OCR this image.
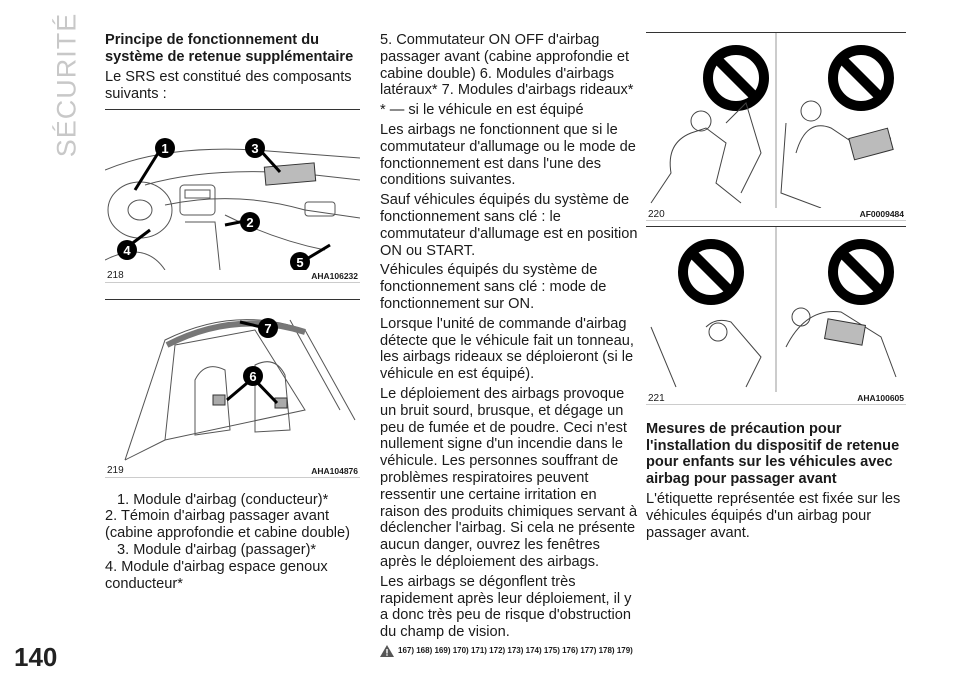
SÉCURITÉ
140
Principe de fonctionnement du système de retenue supplémentaire

Le SRS est constitué des composants suivants :

1
2
3
4
5
218	AHA106232
6
7
219	AHA104876

1. Module d'airbag (conducteur)*

2. Témoin d'airbag passager avant (cabine approfondie et cabine double)

3. Module d'airbag (passager)*

4. Module d'airbag espace genoux conducteur*

5. Commutateur ON OFF d'airbag passager avant (cabine approfondie et cabine double) 6. Modules d'airbags latéraux* 7. Modules d'airbags rideaux*

* — si le véhicule en est équipé

Les airbags ne fonctionnent que si le commutateur d'allumage ou le mode de fonctionnement est dans l'une des conditions suivantes.

Sauf véhicules équipés du système de fonctionnement sans clé : le commutateur d'allumage est en position ON ou START.

Véhicules équipés du système de fonctionnement sans clé : mode de fonctionnement sur ON.

Lorsque l'unité de commande d'airbag détecte que le véhicule fait un tonneau, les airbags rideaux se déploieront (si le véhicule en est équipé).

Le déploiement des airbags provoque un bruit sourd, brusque, et dégage un peu de fumée et de poudre. Ceci n'est nullement signe d'un incendie dans le véhicule. Les personnes souffrant de problèmes respiratoires peuvent ressentir une certaine irritation en raison des produits chimiques servant à déclencher l'airbag. Si cela ne présente aucun danger, ouvrez les fenêtres après le déploiement des airbags.

Les airbags se dégonflent très rapidement après leur déploiement, il y a donc très peu de risque d'obstruction du champ de vision.

167) 168) 169) 170) 171) 172) 173) 174) 175) 176) 177) 178) 179)
220	AF0009484
221	AHA100605
Mesures de précaution pour l'installation du dispositif de retenue pour enfants sur les véhicules avec airbag pour passager avant

L'étiquette représentée est fixée sur les véhicules équipés d'un airbag pour passager avant.
